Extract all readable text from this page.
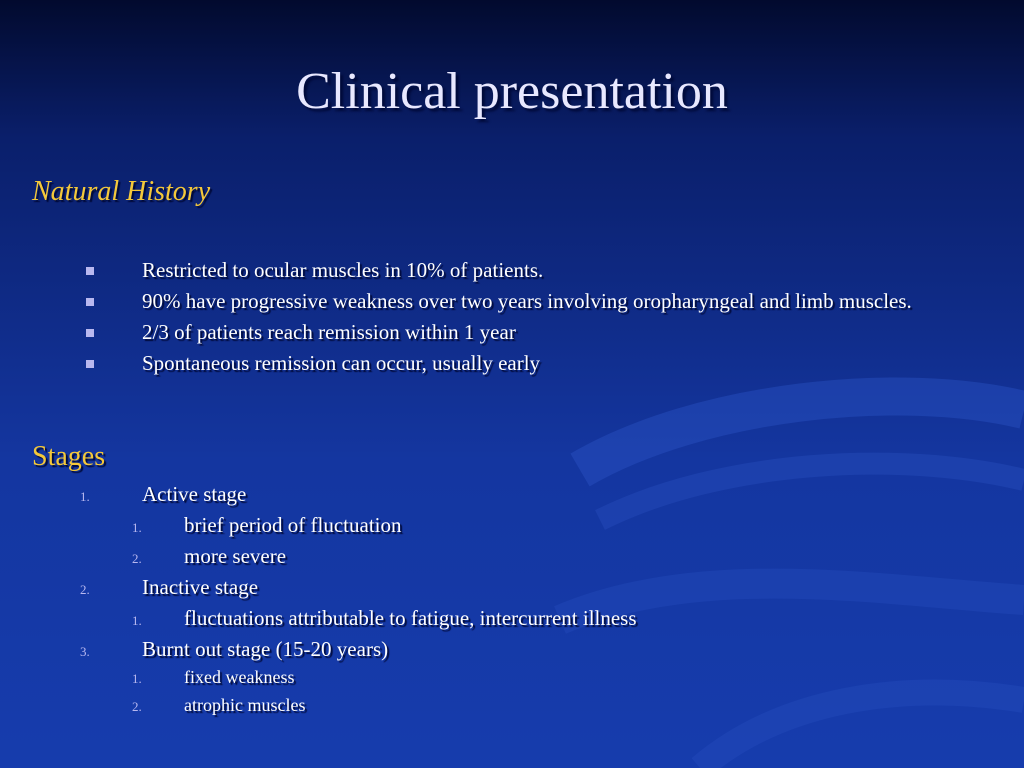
Clinical presentation
Natural History
Restricted to ocular muscles in 10% of patients.
90% have progressive weakness over two years involving oropharyngeal and limb muscles.
2/3 of patients reach remission within 1 year
Spontaneous remission can occur, usually early
Stages
1. Active stage
1. brief period of fluctuation
2. more severe
2. Inactive stage
1. fluctuations attributable to fatigue, intercurrent illness
3. Burnt out stage (15-20 years)
1. fixed weakness
2. atrophic muscles
